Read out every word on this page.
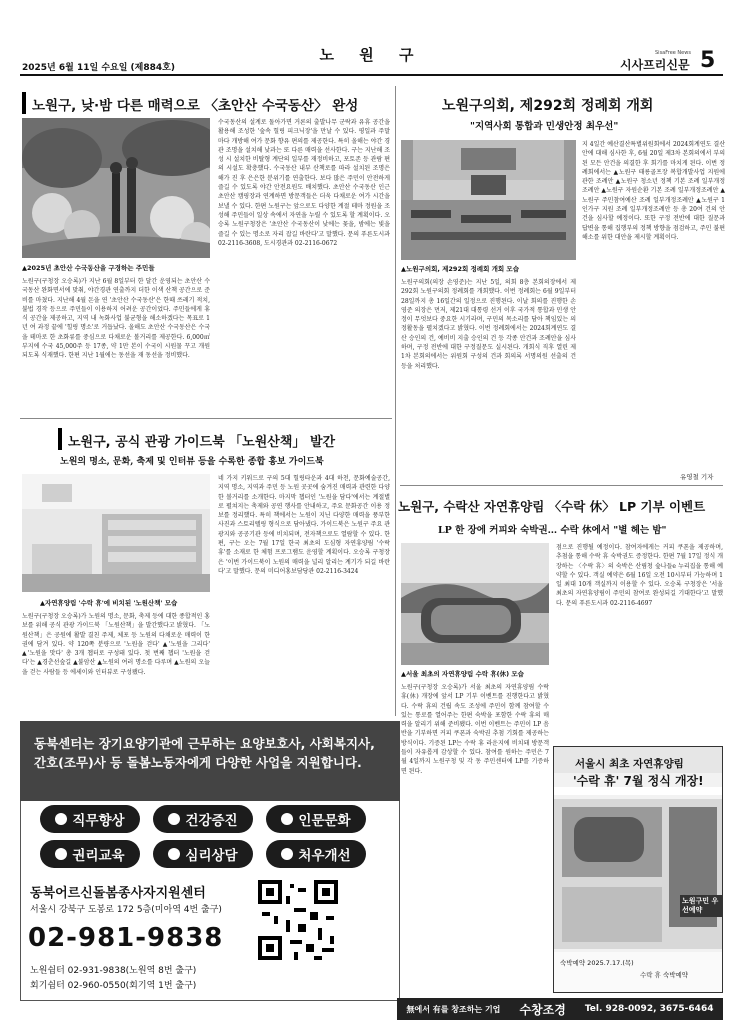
노 원 구
2025년 6월 11일 수요일 (제884호)
SisaFree News
시사프리신문 5
노원구, 낮·밤 다른 매력으로 〈초안산 수국동산〉 완성
▲2025년 초안산 수국동산을 구경하는 주민들
노원구(구청장 오승록)가 지난 6월 8일부터 한 달간 운영되는 초안산 수국동산 완화면서에 맞춰, 야간경관 연출까지 더한 이색 산책 공간으로 준비를 마쳤다. 지난해 4월 돈을 연 '초안산 수국동산'은 한때 쓰레기 적치, 불법 경작 등으로 주민들이 이용하지 어려운 공간이었다. 주민들에게 휴식 공간을 제공하고, 지역 내 녹화사업 불균형을 해소하겠다는 목표로 1년 여 과정 끝에 '힐링 명소'로 거듭났다. 올해도 초안산 수국동산은 수국을 테마로 한 초화류를 중심으로 다채로운 볼거리를 제공한다. 6,000㎡ 부지에 수국 45,000주 등 17종, 약 1만 본이 수국이 시원물 꾸고 개원되도록 식재했다. 한편 지난 1월에는 동선을 재 동선을 정비했다.
수국동산의 설계로 돌아가면 거론의 출발나무 군락과 유휴 공간을 활용해 조성한 '숲속 힐링 피크닉장'을 만날 수 있다. 평일과 주말마다 개방해 여가 문화 향유 편의를 제공한다. 특히 올해는 야간 경관 조명을 설치해 낮과는 또 다른 매력을 선사한다. 구는 지난해 조성 시 설치한 비탈형 계단의 일부를 재정비하고, 포토존 등 관람 편의 시설도 확충했다. 수국동산 내부 산책로를 따라 설치된 조명은 해가 진 후 은은한 분위기를 연출한다. 보다 많은 주민이 안전하게 즐길 수 있도록 야간 안전요원도 배치했다. 초안산 수국동산 인근 초안산 캠핑장과 연계하면 방문객들은 더욱 다채로운 여가 시간을 보낼 수 있다. 한편 노원구는 앞으로도 다양한 계절 테마 정원을 조성해 주민들이 일상 속에서 자연을 누릴 수 있도록 할 계획이다. 오승록 노원구청장은 '초안산 수국동산이 낮에는 꽃을, 밤에는 빛을 즐길 수 있는 명소로 자리 잡길 바란다'고 말했다. 문의 푸른도시과 02-2116-3608, 도시경관과 02-2116-0672
노원구의회, 제292회 정례회 개회
"지역사회 통합과 민생안정 최우선"
▲노원구의회, 제292회 정례회 개회 모습
노원구의회(의장 손영준)는 지난 5일, 의회 8층 본회의장에서 제292회 노원구의회 정례회를 개회했다. 이번 정례회는 6월 9일부터 28일까지 총 16일간의 일정으로 진행된다. 이날 회의를 진행한 손영준 의장은 먼저, 제21대 대통령 선거 이후 국가적 통합과 민생 안정이 무엇보다 중요한 시기라며, 구민의 목소리를 담아 책임있는 의정활동을 펼치겠다고 밝혔다. 이번 정례회에서는 2024회계연도 결산 승인의 건, 예비비 지출 승인의 건 등 각종 안건과 조례안을 심사하며, 구정 전반에 대한 구정질문도 실시된다. 개회식 직후 열린 제1차 본회의에서는 위원회 구성의 건과 회의록 서명의원 선출의 건 등을 처리했다.
지 4일간 예산결산특별위원회에서 2024회계연도 결산안에 대해 심사한 후, 6월 20일 제3차 본회의에서 부의된 모든 안건을 의결한 후 회기를 마치게 된다. 이번 정례회에서는 ▲노원구 태릉골프장 복합개발사업 지원에 관한 조례안 ▲노원구 청소년 정책 기본 조례 일부개정조례안 ▲노원구 자원순환 기본 조례 일부개정조례안 ▲노원구 주민참여예산 조례 일부개정조례안 ▲노원구 1인가구 지원 조례 일부개정조례안 등 총 20여 건의 안건을 심사할 예정이다. 또한 구정 전반에 대한 질문과 답변을 통해 집행부의 정책 방향을 점검하고, 주민 불편 해소를 위한 대안을 제시할 계획이다.
유영철 기자
노원구, 공식 관광 가이드북 「노원산책」 발간
노원의 명소, 문화, 축제 및 인터뷰 등을 수록한 종합 홍보 가이드북
▲자연휴양림 '수락 휴'에 비치된 '노원산책' 모습
노원구(구청장 오승록)가 노원의 명소, 문화, 축제 등에 대한 종합적인 홍보를 위해 공식 관광 가이드북 「노원산책」을 발간했다고 밝혔다. 「노원산책」은 공원에 활발 결친 주제, 체포 등 노원의 다채로운 매력이 한 권에 담겨 있다. 약 120쪽 분량으로 '노원을 걷다' ▲'노원을 그리다' ▲'노원을 맛다' 총 3개 챕터로 구성돼 있다. 첫 번째 챕터 '노원을 걷다'는 ▲경춘선숲길 ▲불암산 ▲노원의 여러 명소를 다루며 ▲노원의 오늘을 걷는 사람들 등 에세이와 인터뷰로 구성됐다.
네 가지 키워드로 구의 5대 힐링타운과 4대 하천, 문화예술공간, 지역 명소, 지역과 주민 등 노원 곳곳에 숨겨진 매력과 관련한 다양한 볼거리를 소개한다. 마지막 챕터인 '노원을 담다'에서는 계절별로 펼쳐지는 축제와 공연 행사를 안내하고, 주요 문화공간 이용 정보를 정리했다. 특히 책에서는 노원이 지닌 다양한 매력을 풍부한 사진과 스토리텔링 형식으로 담아냈다. 가이드북은 노원구 주요 관광지와 공공기관 등에 비치되며, 전자책으로도 열람할 수 있다. 한편, 구는 오는 7월 17일 한국 최초의 도심형 자연휴양림 '수락 휴'를 소재로 한 체험 프로그램도 운영할 계획이다. 오승록 구청장은 '이번 가이드북이 노원의 매력을 널리 알리는 계기가 되길 바란다'고 말했다. 문의 미디어홍보담당관 02-2116-3424
노원구, 수락산 자연휴양림 〈수락 休〉 LP 기부 이벤트
LP 한 장에 커피와 숙박권… 수락 休에서 "별 헤는 밤"
▲서울 최초의 자연휴양림 수락 휴(休) 모습
노원구(구청장 오승록)가 서울 최초의 자연휴양림 수락 휴(休) 개장에 앞서 LP 기부 이벤트를 진행한다고 밝혔다. 수락 휴의 건립 속도 조성에 주민이 함께 참여할 수 있는 통로를 열어주는 한편 숙박을 포함한 수락 휴의 매력을 알리기 위해 준비됐다. 이번 이벤트는 주민이 LP 음반을 기부하면 커피 쿠폰과 숙박권 추첨 기회를 제공하는 방식이다. 기증된 LP는 수락 휴 라운지에 비치돼 방문객들이 자유롭게 감상할 수 있다. 참여를 원하는 주민은 7월 4일까지 노원구청 및 각 동 주민센터에 LP를 기증하면 된다.
점으로 진행될 예정이다. 참여자에게는 커피 쿠폰을 제공하며, 추첨을 통해 수락 휴 숙박권도 증정한다. 한편 7월 17일 정식 개장하는 〈수락 휴〉의 숙박은 산림청 숲나들e 누리집을 통해 예약할 수 있다. 객실 예약은 6월 16일 오전 10시부터 가능하며 1일 최대 10개 객실까지 이용할 수 있다. 오승록 구청장은 '서울 최초의 자연휴양림이 주민의 참여로 완성되길 기대한다'고 말했다. 문의 푸른도시과 02-2116-4697
동북센터는 장기요양기관에 근무하는 요양보호사, 사회복지사, 간호(조무)사 등 돌봄노동자에게 다양한 사업을 지원합니다.
직무향상	건강증진	인문문화
권리교육	심리상담	처우개선
동북어르신돌봄종사자지원센터
서울시 강북구 도봉로 172 5층(미아역 4번 출구)
02-981-9838
노원쉼터 02-931-9838(노원역 8번 출구)
회기쉼터 02-960-0550(회기역 1번 출구)
서울시 최초 자연휴양림
'수락 휴' 7월 정식 개장!
노원구민 우선예약
숙박예약 2025.7.17.(목)
수락 휴 숙박예약
無에서 有를 창조하는 기업 수창조경 Tel. 928-0092, 3675-6464
